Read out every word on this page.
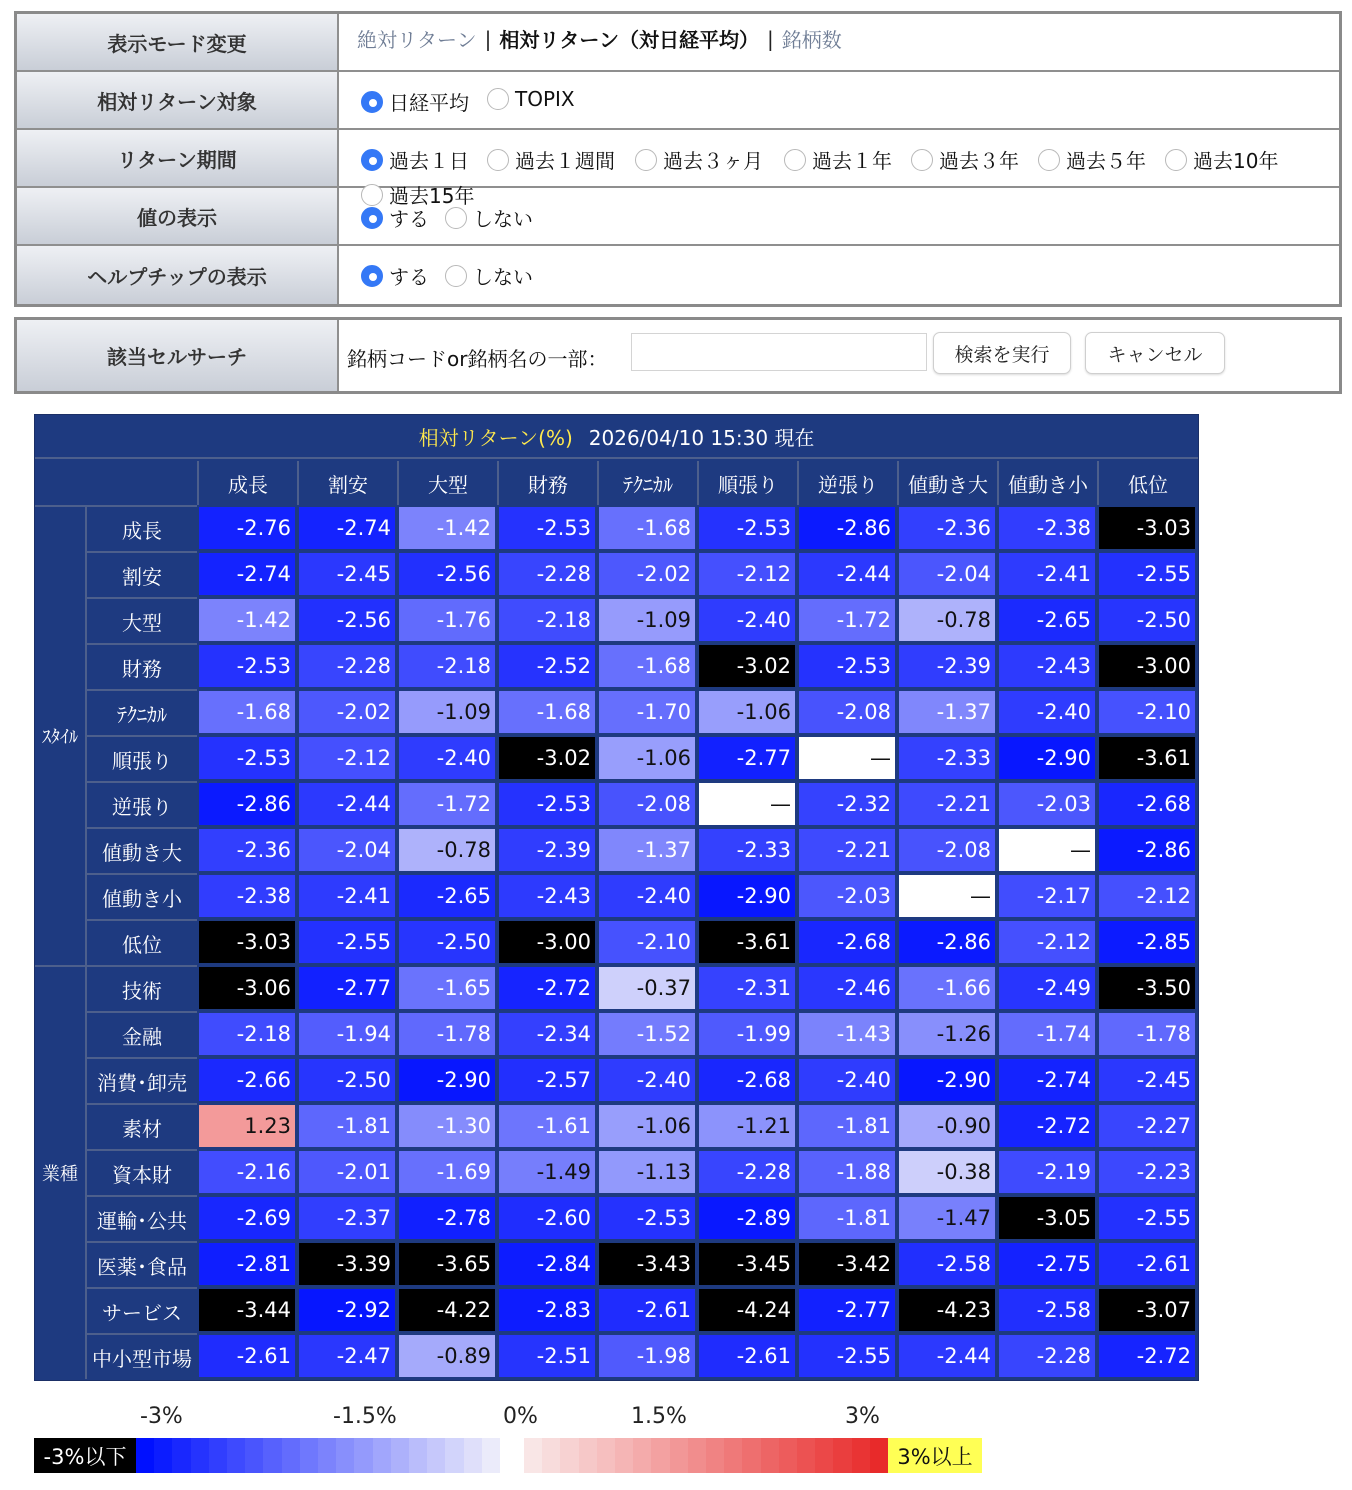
表示モード変更	絶対リターン | 相対リターン（対日経平均） | 銘柄数
相対リターン対象	日経平均 TOPIX
リターン期間	過去１日 過去１週間 過去３ヶ月 過去１年 過去３年 過去５年 過去10年
過去15年
値の表示	する しない
ヘルプチップの表示	する しない
該当セルサーチ	銘柄コードor銘柄名の一部：	検索を実行	キャンセル
相対リターン(%) 2026/04/10 15:30 現在
成長	割安	大型	財務	ﾃｸﾆｶﾙ	順張り	逆張り	値動き大	値動き小	低位
ｽﾀｲﾙ
成長	-2.76	-2.74	-1.42	-2.53	-1.68	-2.53	-2.86	-2.36	-2.38	-3.03
割安	-2.74	-2.45	-2.56	-2.28	-2.02	-2.12	-2.44	-2.04	-2.41	-2.55
大型	-1.42	-2.56	-1.76	-2.18	-1.09	-2.40	-1.72	-0.78	-2.65	-2.50
財務	-2.53	-2.28	-2.18	-2.52	-1.68	-3.02	-2.53	-2.39	-2.43	-3.00
ﾃｸﾆｶﾙ	-1.68	-2.02	-1.09	-1.68	-1.70	-1.06	-2.08	-1.37	-2.40	-2.10
順張り	-2.53	-2.12	-2.40	-3.02	-1.06	-2.77	—	-2.33	-2.90	-3.61
逆張り	-2.86	-2.44	-1.72	-2.53	-2.08	—	-2.32	-2.21	-2.03	-2.68
値動き大	-2.36	-2.04	-0.78	-2.39	-1.37	-2.33	-2.21	-2.08	—	-2.86
値動き小	-2.38	-2.41	-2.65	-2.43	-2.40	-2.90	-2.03	—	-2.17	-2.12
低位	-3.03	-2.55	-2.50	-3.00	-2.10	-3.61	-2.68	-2.86	-2.12	-2.85
業種
技術	-3.06	-2.77	-1.65	-2.72	-0.37	-2.31	-2.46	-1.66	-2.49	-3.50
金融	-2.18	-1.94	-1.78	-2.34	-1.52	-1.99	-1.43	-1.26	-1.74	-1.78
消費･卸売	-2.66	-2.50	-2.90	-2.57	-2.40	-2.68	-2.40	-2.90	-2.74	-2.45
素材	1.23	-1.81	-1.30	-1.61	-1.06	-1.21	-1.81	-0.90	-2.72	-2.27
資本財	-2.16	-2.01	-1.69	-1.49	-1.13	-2.28	-1.88	-0.38	-2.19	-2.23
運輸･公共	-2.69	-2.37	-2.78	-2.60	-2.53	-2.89	-1.81	-1.47	-3.05	-2.55
医薬･食品	-2.81	-3.39	-3.65	-2.84	-3.43	-3.45	-3.42	-2.58	-2.75	-2.61
サービス	-3.44	-2.92	-4.22	-2.83	-2.61	-4.24	-2.77	-4.23	-2.58	-3.07
中小型市場	-2.61	-2.47	-0.89	-2.51	-1.98	-2.61	-2.55	-2.44	-2.28	-2.72
-3%	-1.5%	0%	1.5%	3%
-3%以下	3%以上
